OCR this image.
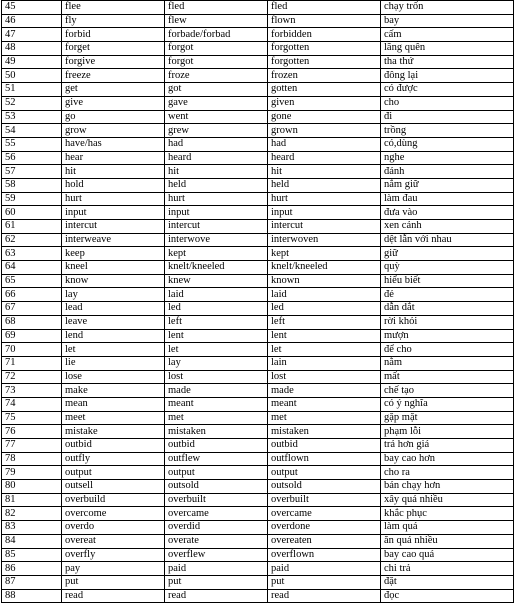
45	flee	fled	fled	chạy trốn
46	fly	flew	flown	bay
47	forbid	forbade/forbad	forbidden	cấm
48	forget	forgot	forgotten	lãng quên
49	forgive	forgot	forgotten	tha thứ
50	freeze	froze	frozen	đông lại
51	get	got	gotten	có được
52	give	gave	given	cho
53	go	went	gone	đi
54	grow	grew	grown	trồng
55	have/has	had	had	có,dùng
56	hear	heard	heard	nghe
57	hit	hit	hit	đánh
58	hold	held	held	nắm giữ
59	hurt	hurt	hurt	làm đau
60	input	input	input	đưa vào
61	intercut	intercut	intercut	xen cảnh
62	interweave	interwove	interwoven	dệt lẫn với nhau
63	keep	kept	kept	giữ
64	kneel	knelt/kneeled	knelt/kneeled	quỳ
65	know	knew	known	hiểu biết
66	lay	laid	laid	đẻ
67	lead	led	led	dẫn dắt
68	leave	left	left	rời khỏi
69	lend	lent	lent	mượn
70	let	let	let	để cho
71	lie	lay	lain	nằm
72	lose	lost	lost	mất
73	make	made	made	chế tạo
74	mean	meant	meant	có ý nghĩa
75	meet	met	met	gặp mặt
76	mistake	mistaken	mistaken	phạm lỗi
77	outbid	outbid	outbid	trả hơn giá
78	outfly	outflew	outflown	bay cao hơn
79	output	output	output	cho ra
80	outsell	outsold	outsold	bán chạy hơn
81	overbuild	overbuilt	overbuilt	xây quá nhiều
82	overcome	overcame	overcame	khắc phục
83	overdo	overdid	overdone	làm quá
84	overeat	overate	overeaten	ăn quá nhiều
85	overfly	overflew	overflown	bay cao quá
86	pay	paid	paid	chi trả
87	put	put	put	đặt
88	read	read	read	đọc
